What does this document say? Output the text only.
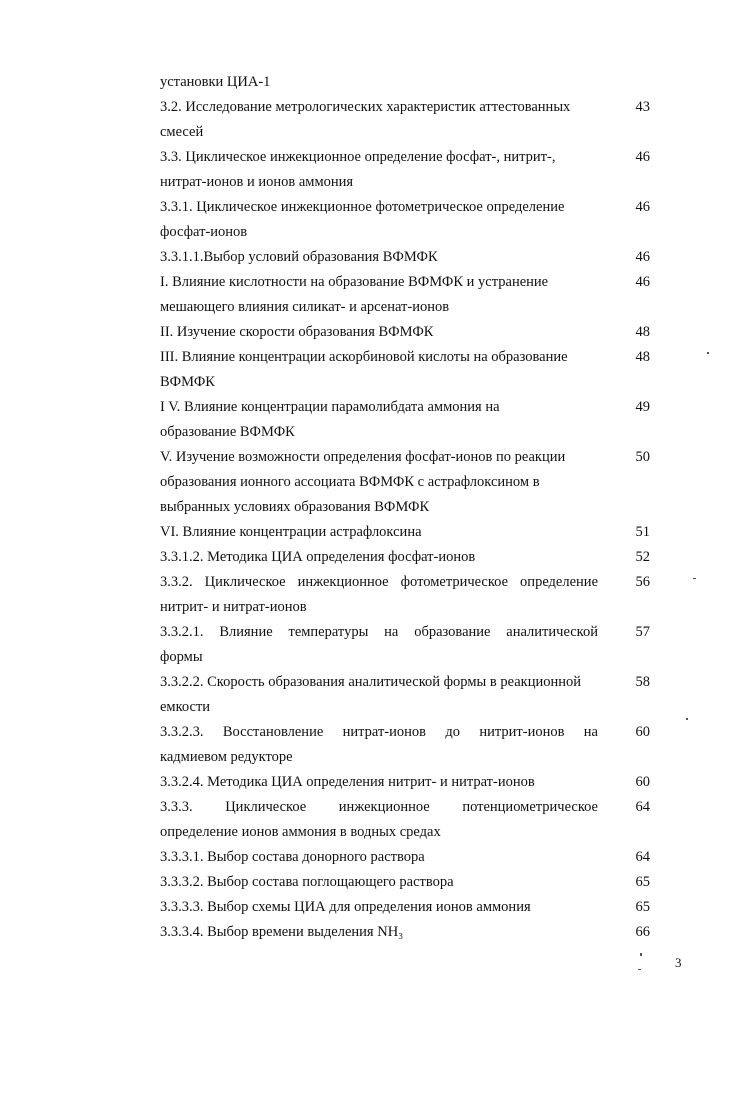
установки ЦИА-1
3.2. Исследование метрологических характеристик аттестованных	43
смесей
3.3. Циклическое инжекционное определение фосфат-, нитрит-,	46
нитрат-ионов и ионов аммония
3.3.1. Циклическое инжекционное фотометрическое определение	46
фосфат-ионов
3.3.1.1.Выбор условий образования ВФМФК	46
I. Влияние кислотности на образование ВФМФК и устранение	46
мешающего влияния силикат- и арсенат-ионов
II. Изучение скорости образования ВФМФК	48
III. Влияние концентрации аскорбиновой кислоты на образование	48
ВФМФК
I V. Влияние концентрации парамолибдата аммония на	49
образование ВФМФК
V. Изучение возможности определения фосфат-ионов по реакции	50
образования ионного ассоциата ВФМФК с астрафлоксином в
выбранных условиях образования ВФМФК
VI. Влияние концентрации астрафлоксина	51
3.3.1.2. Методика ЦИА определения фосфат-ионов	52
3.3.2. Циклическое инжекционное фотометрическое определение	56
нитрит- и нитрат-ионов
3.3.2.1. Влияние температуры на образование аналитической	57
формы
3.3.2.2. Скорость образования аналитической формы в реакционной	58
емкости
3.3.2.3. Восстановление нитрат-ионов до нитрит-ионов на	60
кадмиевом редукторе
3.3.2.4. Методика ЦИА определения нитрит- и нитрат-ионов	60
3.3.3. Циклическое инжекционное потенциометрическое	64
определение ионов аммония в водных средах
3.3.3.1. Выбор состава донорного раствора	64
3.3.3.2. Выбор состава поглощающего раствора	65
3.3.3.3. Выбор схемы ЦИА для определения ионов аммония	65
3.3.3.4. Выбор времени выделения NH₃	66
3
